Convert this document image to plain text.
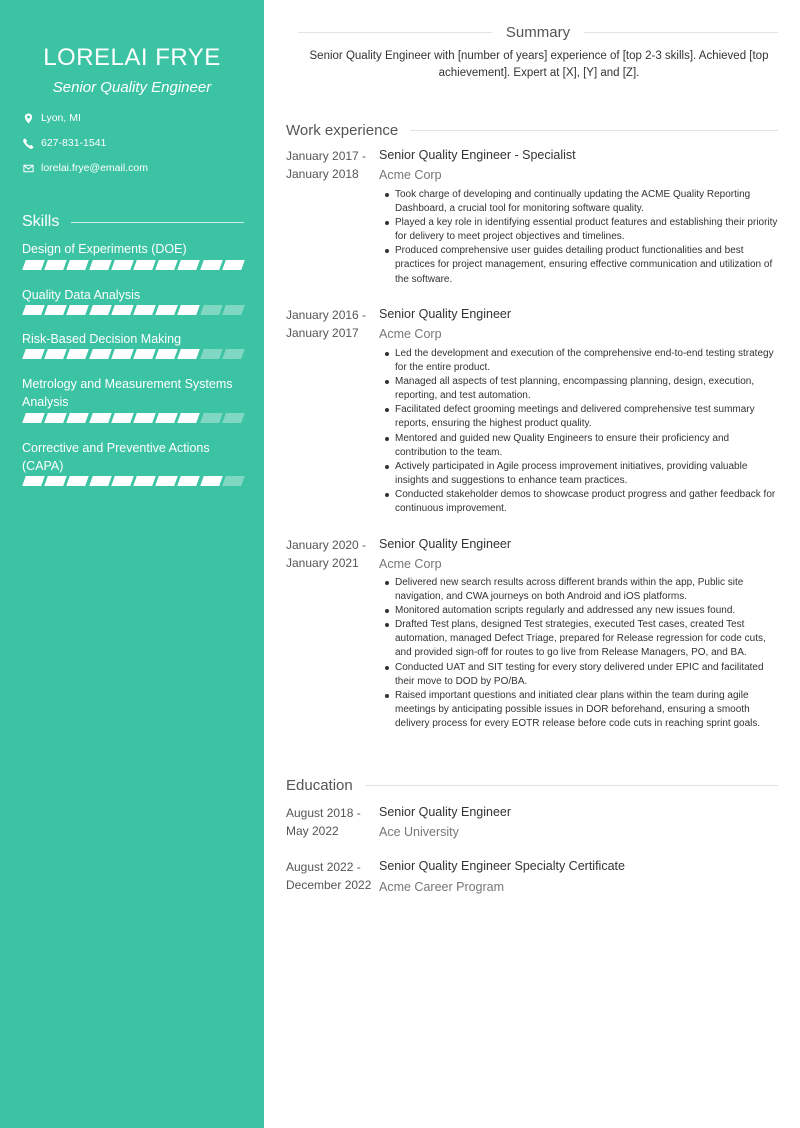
LORELAI FRYE
Senior Quality Engineer
Lyon, MI
627-831-1541
lorelai.frye@email.com
Skills
Design of Experiments (DOE)
Quality Data Analysis
Risk-Based Decision Making
Metrology and Measurement Systems Analysis
Corrective and Preventive Actions (CAPA)
Summary

Senior Quality Engineer with [number of years] experience of [top 2-3 skills]. Achieved [top achievement]. Expert at [X], [Y] and [Z].

Work experience
January 2017 -
January 2018
Senior Quality Engineer - Specialist
Acme Corp
Took charge of developing and continually updating the ACME Quality Reporting Dashboard, a crucial tool for monitoring software quality.
Played a key role in identifying essential product features and establishing their priority for delivery to meet project objectives and timelines.
Produced comprehensive user guides detailing product functionalities and best practices for project management, ensuring effective communication and utilization of the software.
January 2016 -
January 2017
Senior Quality Engineer
Acme Corp
Led the development and execution of the comprehensive end-to-end testing strategy for the entire product.
Managed all aspects of test planning, encompassing planning, design, execution, reporting, and test automation.
Facilitated defect grooming meetings and delivered comprehensive test summary reports, ensuring the highest product quality.
Mentored and guided new Quality Engineers to ensure their proficiency and contribution to the team.
Actively participated in Agile process improvement initiatives, providing valuable insights and suggestions to enhance team practices.
Conducted stakeholder demos to showcase product progress and gather feedback for continuous improvement.
January 2020 -
January 2021
Senior Quality Engineer
Acme Corp
Delivered new search results across different brands within the app, Public site navigation, and CWA journeys on both Android and iOS platforms.
Monitored automation scripts regularly and addressed any new issues found.
Drafted Test plans, designed Test strategies, executed Test cases, created Test automation, managed Defect Triage, prepared for Release regression for code cuts, and provided sign-off for routes to go live from Release Managers, PO, and BA.
Conducted UAT and SIT testing for every story delivered under EPIC and facilitated their move to DOD by PO/BA.
Raised important questions and initiated clear plans within the team during agile meetings by anticipating possible issues in DOR beforehand, ensuring a smooth delivery process for every EOTR release before code cuts in reaching sprint goals.
Education
August 2018 -
May 2022
Senior Quality Engineer
Ace University
August 2022 -
December 2022
Senior Quality Engineer Specialty Certificate
Acme Career Program
